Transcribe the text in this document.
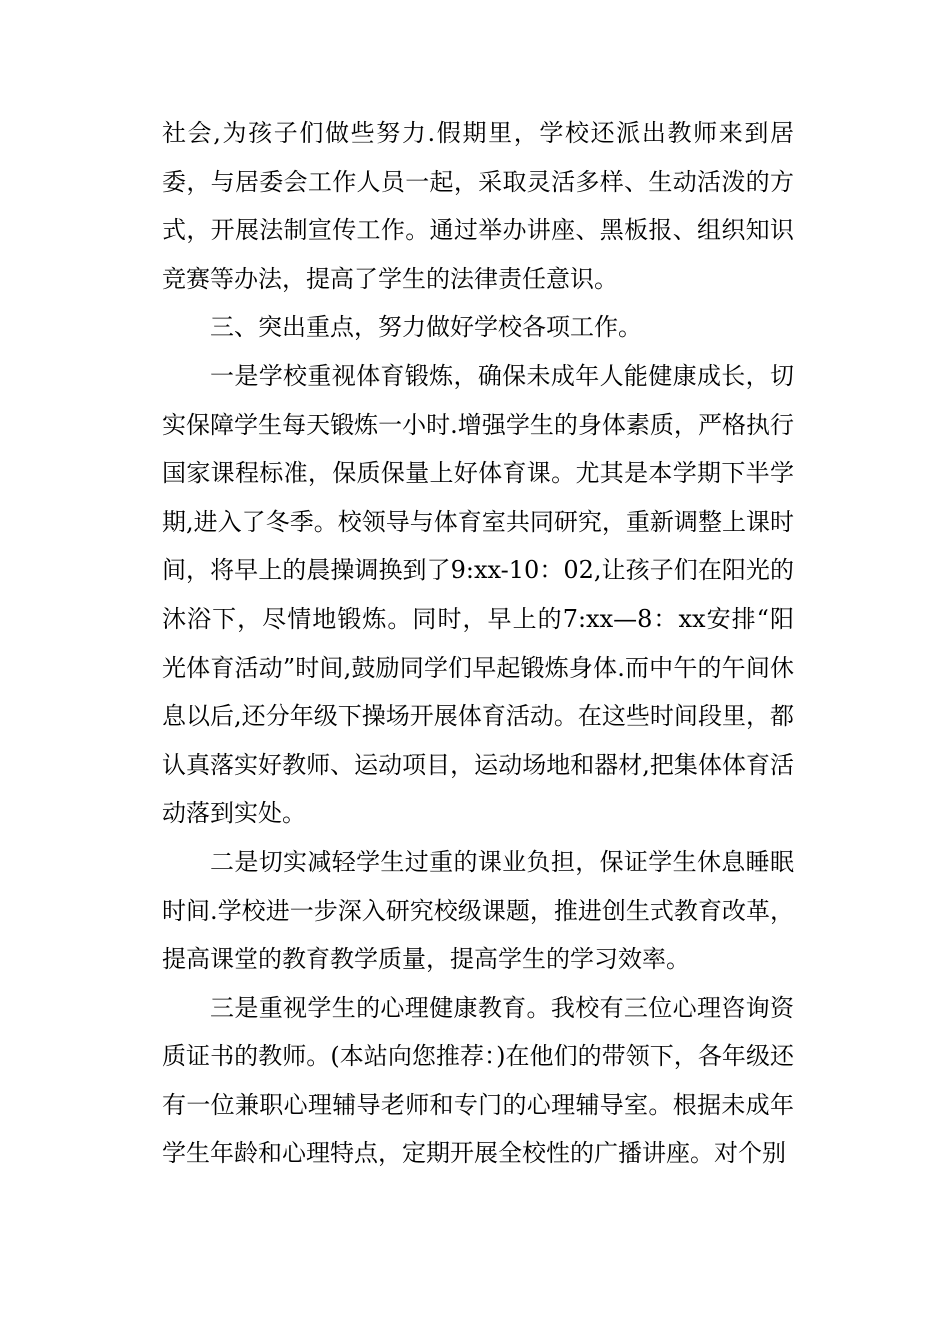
社会,为孩子们做些努力.假期里，学校还派出教师来到居委，与居委会工作人员一起，采取灵活多样、生动活泼的方式，开展法制宣传工作。通过举办讲座、黑板报、组织知识竞赛等办法，提高了学生的法律责任意识。

三、突出重点，努力做好学校各项工作。

一是学校重视体育锻炼，确保未成年人能健康成长，切实保障学生每天锻炼一小时.增强学生的身体素质，严格执行国家课程标准，保质保量上好体育课。尤其是本学期下半学期,进入了冬季。校领导与体育室共同研究，重新调整上课时间，将早上的晨操调换到了9:xx-10：02,让孩子们在阳光的沐浴下，尽情地锻炼。同时，早上的7:xx—8：xx安排“阳光体育活动”时间,鼓励同学们早起锻炼身体.而中午的午间休息以后,还分年级下操场开展体育活动。在这些时间段里，都认真落实好教师、运动项目，运动场地和器材,把集体体育活动落到实处。

二是切实减轻学生过重的课业负担，保证学生休息睡眠时间.学校进一步深入研究校级课题，推进创生式教育改革，提高课堂的教育教学质量，提高学生的学习效率。

三是重视学生的心理健康教育。我校有三位心理咨询资质证书的教师。(本站向您推荐：)在他们的带领下，各年级还有一位兼职心理辅导老师和专门的心理辅导室。根据未成年学生年龄和心理特点，定期开展全校性的广播讲座。对个别
